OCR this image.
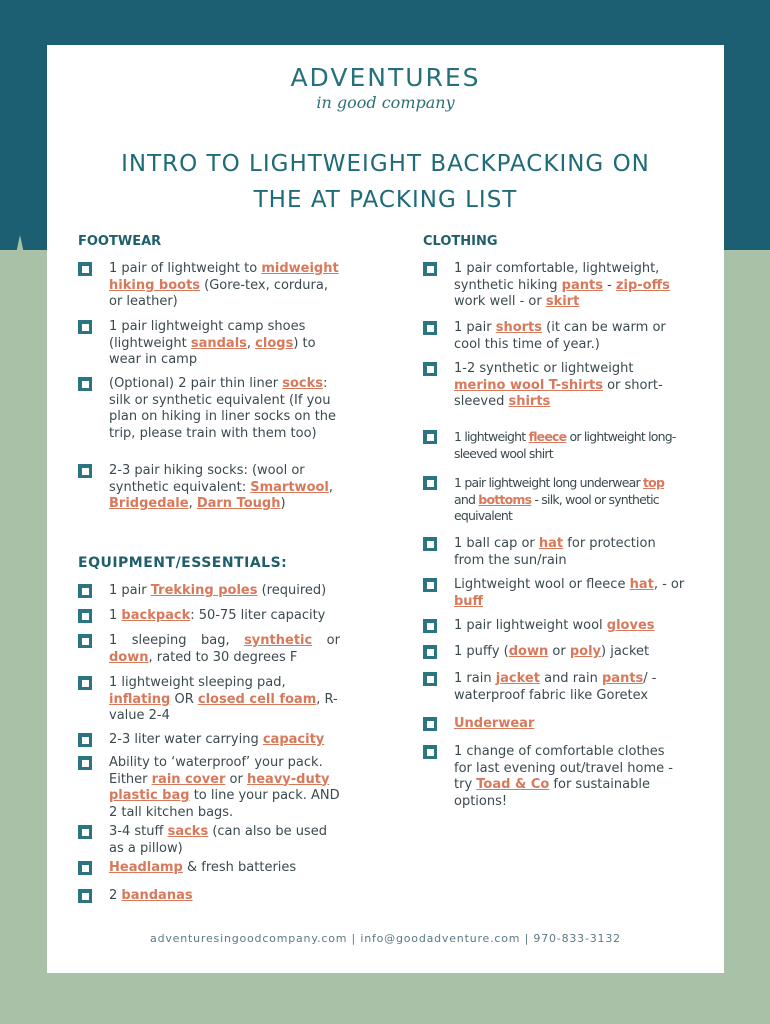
ADVENTURES
in good company
INTRO TO LIGHTWEIGHT BACKPACKING ON
THE AT PACKING LIST
FOOTWEAR
EQUIPMENT/ESSENTIALS:
CLOTHING
1 pair of lightweight to midweight hiking boots (Gore-tex, cordura, or leather)
1 pair lightweight camp shoes (lightweight sandals, clogs) to wear in camp
(Optional) 2 pair thin liner socks: silk or synthetic equivalent (If you plan on hiking in liner socks on the trip, please train with them too)
2-3 pair hiking socks: (wool or synthetic equivalent: Smartwool, Bridgedale, Darn Tough)
1 pair Trekking poles (required)
1 backpack: 50-75 liter capacity
1 sleeping bag, synthetic or down, rated to 30 degrees F
1 lightweight sleeping pad, inflating OR closed cell foam, R-value 2-4
2-3 liter water carrying capacity
Ability to ‘waterproof’ your pack. Either rain cover or heavy-duty plastic bag to line your pack. AND 2 tall kitchen bags.
3-4 stuff sacks (can also be used as a pillow)
Headlamp & fresh batteries
2 bandanas
1 pair comfortable, lightweight, synthetic hiking pants - zip-offs work well - or skirt
1 pair shorts (it can be warm or cool this time of year.)
1-2 synthetic or lightweight merino wool T-shirts or short-sleeved shirts
1 lightweight fleece or lightweight long-sleeved wool shirt
1 pair lightweight long underwear top and bottoms - silk, wool or synthetic equivalent
1 ball cap or hat for protection from the sun/rain
Lightweight wool or fleece hat, - or buff
1 pair lightweight wool gloves
1 puffy (down or poly) jacket
1 rain jacket and rain pants/ - waterproof fabric like Goretex
Underwear
1 change of comfortable clothes for last evening out/travel home - try Toad & Co for sustainable options!
adventuresingoodcompany.com | info@goodadventure.com | 970-833-3132
